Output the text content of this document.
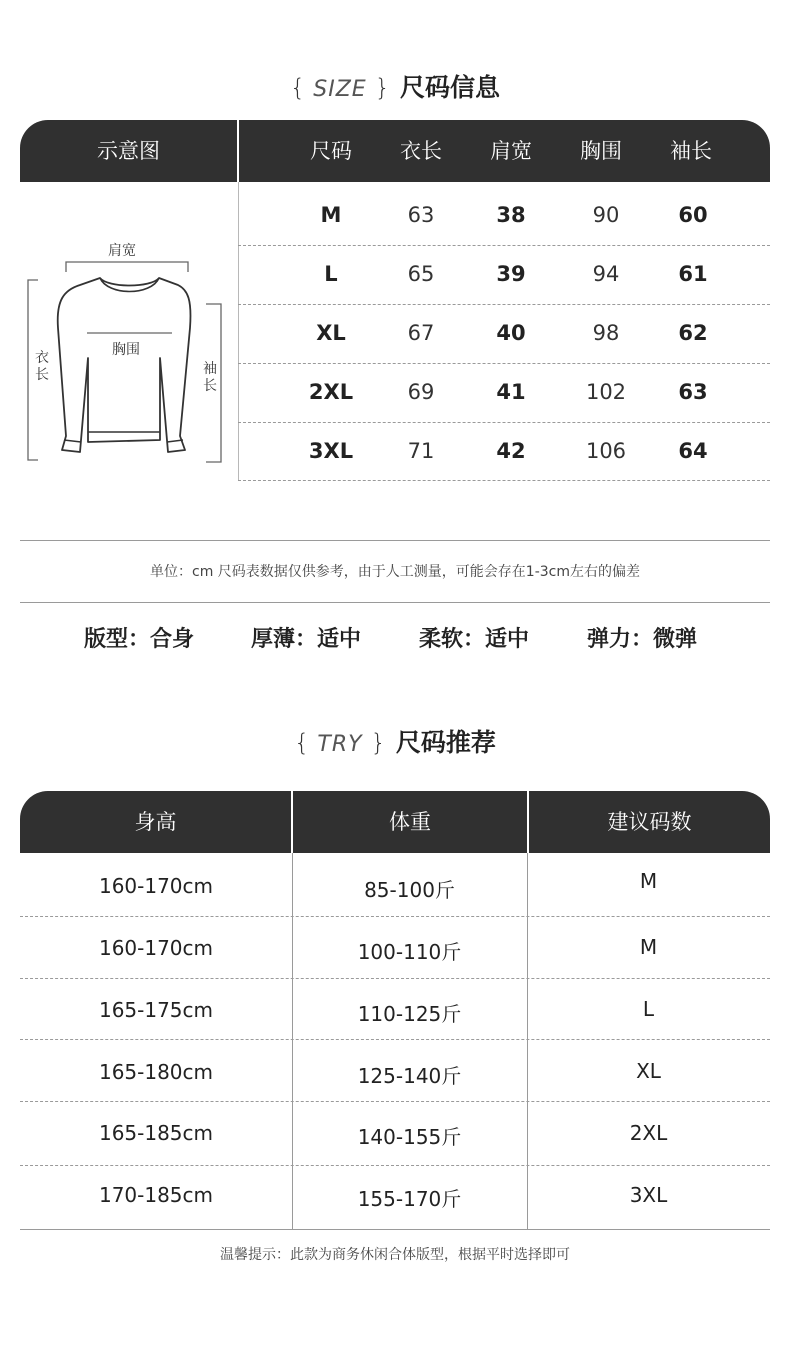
{ SIZE } 尺码信息
示意图	尺码	衣长	肩宽	胸围	袖长
肩宽
胸围
衣
长	袖
长
M	63	38	90	60
L	65	39	94	61
XL	67	40	98	62
2XL	69	41	102	63
3XL	71	42	106	64
单位：cm 尺码表数据仅供参考，由于人工测量，可能会存在1-3cm左右的偏差
版型：合身	厚薄：适中	柔软：适中	弹力：微弹
{ TRY } 尺码推荐
身高	体重	建议码数
160-170cm	85-100斤	M
160-170cm	100-110斤	M
165-175cm	110-125斤	L
165-180cm	125-140斤	XL
165-185cm	140-155斤	2XL
170-185cm	155-170斤	3XL
温馨提示：此款为商务休闲合体版型，根据平时选择即可
